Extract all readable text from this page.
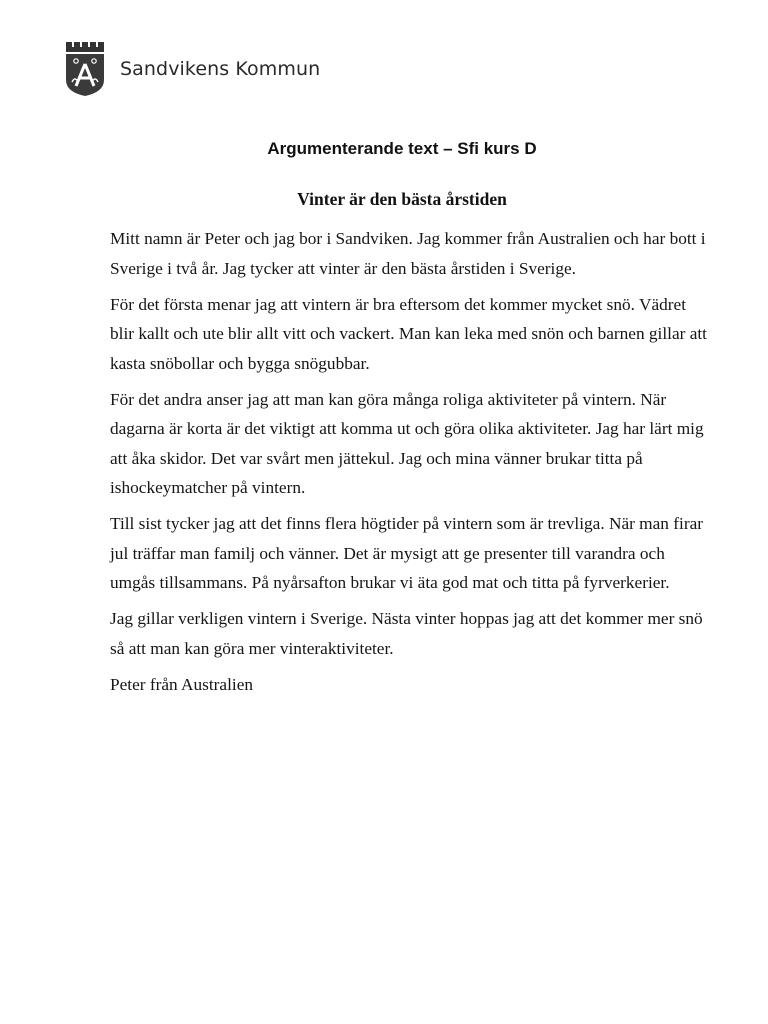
Sandvikens Kommun
Argumenterande text – Sfi kurs D
Vinter är den bästa årstiden

Mitt namn är Peter och jag bor i Sandviken. Jag kommer från Australien och har bott i Sverige i två år. Jag tycker att vinter är den bästa årstiden i Sverige.

För det första menar jag att vintern är bra eftersom det kommer mycket snö. Vädret blir kallt och ute blir allt vitt och vackert. Man kan leka med snön och barnen gillar att kasta snöbollar och bygga snögubbar.

För det andra anser jag att man kan göra många roliga aktiviteter på vintern. När dagarna är korta är det viktigt att komma ut och göra olika aktiviteter. Jag har lärt mig att åka skidor. Det var svårt men jättekul. Jag och mina vänner brukar titta på ishockeymatcher på vintern.

Till sist tycker jag att det finns flera högtider på vintern som är trevliga. När man firar jul träffar man familj och vänner. Det är mysigt att ge presenter till varandra och umgås tillsammans. På nyårsafton brukar vi äta god mat och titta på fyrverkerier.

Jag gillar verkligen vintern i Sverige. Nästa vinter hoppas jag att det kommer mer snö så att man kan göra mer vinteraktiviteter.

Peter från Australien
